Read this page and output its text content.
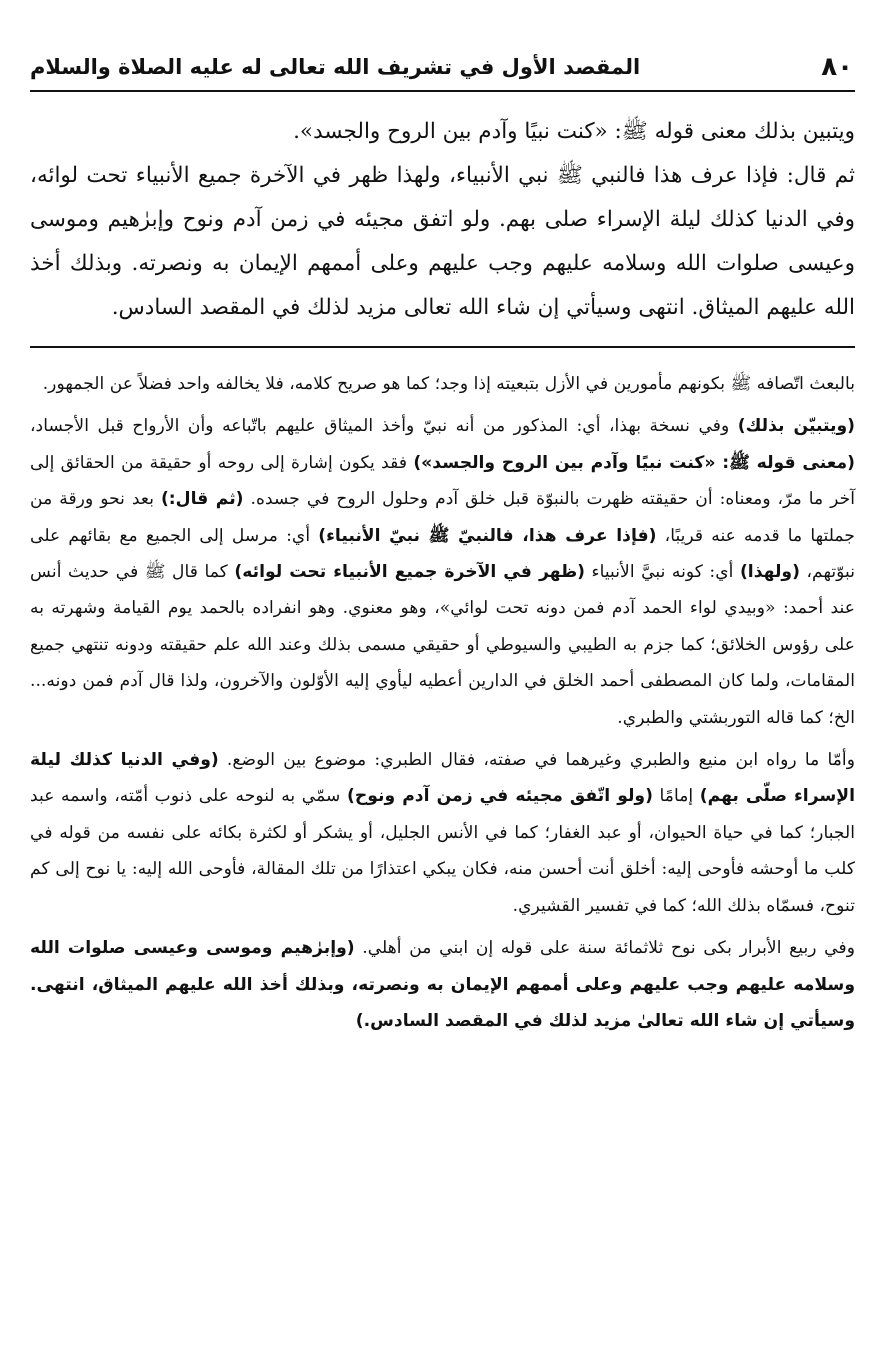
٨٠
المقصد الأول في تشريف الله تعالى له عليه الصلاة والسلام

ويتبين بذلك معنى قوله ﷺ: «كنت نبيًا وآدم بين الروح والجسد».

ثم قال: فإذا عرف هذا فالنبي ﷺ نبي الأنبياء، ولهذا ظهر في الآخرة جميع الأنبياء تحت لوائه، وفي الدنيا كذلك ليلة الإسراء صلى بهم. ولو اتفق مجيئه في زمن آدم ونوح وإبرٰهيم وموسى وعيسى صلوات الله وسلامه عليهم وجب عليهم وعلى أممهم الإيمان به ونصرته. وبذلك أخذ الله عليهم الميثاق. انتهى وسيأتي إن شاء الله تعالى مزيد لذلك في المقصد السادس.

بالبعث اتّصافه ﷺ بكونهم مأمورين في الأزل بتبعيته إذا وجد؛ كما هو صريح كلامه، فلا يخالفه واحد فضلاً عن الجمهور.

(ويتبيّن بذلك) وفي نسخة بهذا، أي: المذكور من أنه نبيّ وأخذ الميثاق عليهم باتّباعه وأن الأرواح قبل الأجساد، (معنى قوله ﷺ: «كنت نبيًا وآدم بين الروح والجسد») فقد يكون إشارة إلى روحه أو حقيقة من الحقائق إلى آخر ما مرّ، ومعناه: أن حقيقته ظهرت بالنبوّة قبل خلق آدم وحلول الروح في جسده. (ثم قال:) بعد نحو ورقة من جملتها ما قدمه عنه قريبًا، (فإذا عرف هذا، فالنبيّ ﷺ نبيّ الأنبياء) أي: مرسل إلى الجميع مع بقائهم على نبوّتهم، (ولهذا) أي: كونه نبيَّ الأنبياء (ظهر في الآخرة جميع الأنبياء تحت لوائه) كما قال ﷺ في حديث أنس عند أحمد: «وبيدي لواء الحمد آدم فمن دونه تحت لوائي»، وهو معنوي. وهو انفراده بالحمد يوم القيامة وشهرته به على رؤوس الخلائق؛ كما جزم به الطيبي والسيوطي أو حقيقي مسمى بذلك وعند الله علم حقيقته ودونه تنتهي جميع المقامات، ولما كان المصطفى أحمد الخلق في الدارين أعطيه ليأوي إليه الأوّلون والآخرون، ولذا قال آدم فمن دونه... الخ؛ كما قاله التوربشتي والطبري.

وأمّا ما رواه ابن منيع والطبري وغيرهما في صفته، فقال الطبري: موضوع بين الوضع. (وفي الدنيا كذلك ليلة الإسراء صلّى بهم) إمامًا (ولو اتّفق مجيئه في زمن آدم ونوح) سمّي به لنوحه على ذنوب أمّته، واسمه عبد الجبار؛ كما في حياة الحيوان، أو عبد الغفار؛ كما في الأنس الجليل، أو يشكر أو لكثرة بكائه على نفسه من قوله في كلب ما أوحشه فأوحى إليه: أخلق أنت أحسن منه، فكان يبكي اعتذارًا من تلك المقالة، فأوحى الله إليه: يا نوح إلى كم تنوح، فسمّاه بذلك الله؛ كما في تفسير القشيري.

وفي ربيع الأبرار بكى نوح ثلاثمائة سنة على قوله إن ابني من أهلي. (وإبرٰهيم وموسى وعيسى صلوات الله وسلامه عليهم وجب عليهم وعلى أممهم الإيمان به ونصرته، وبذلك أخذ الله عليهم الميثاق، انتهى. وسيأتي إن شاء الله تعالىٰ مزيد لذلك في المقصد السادس.)
